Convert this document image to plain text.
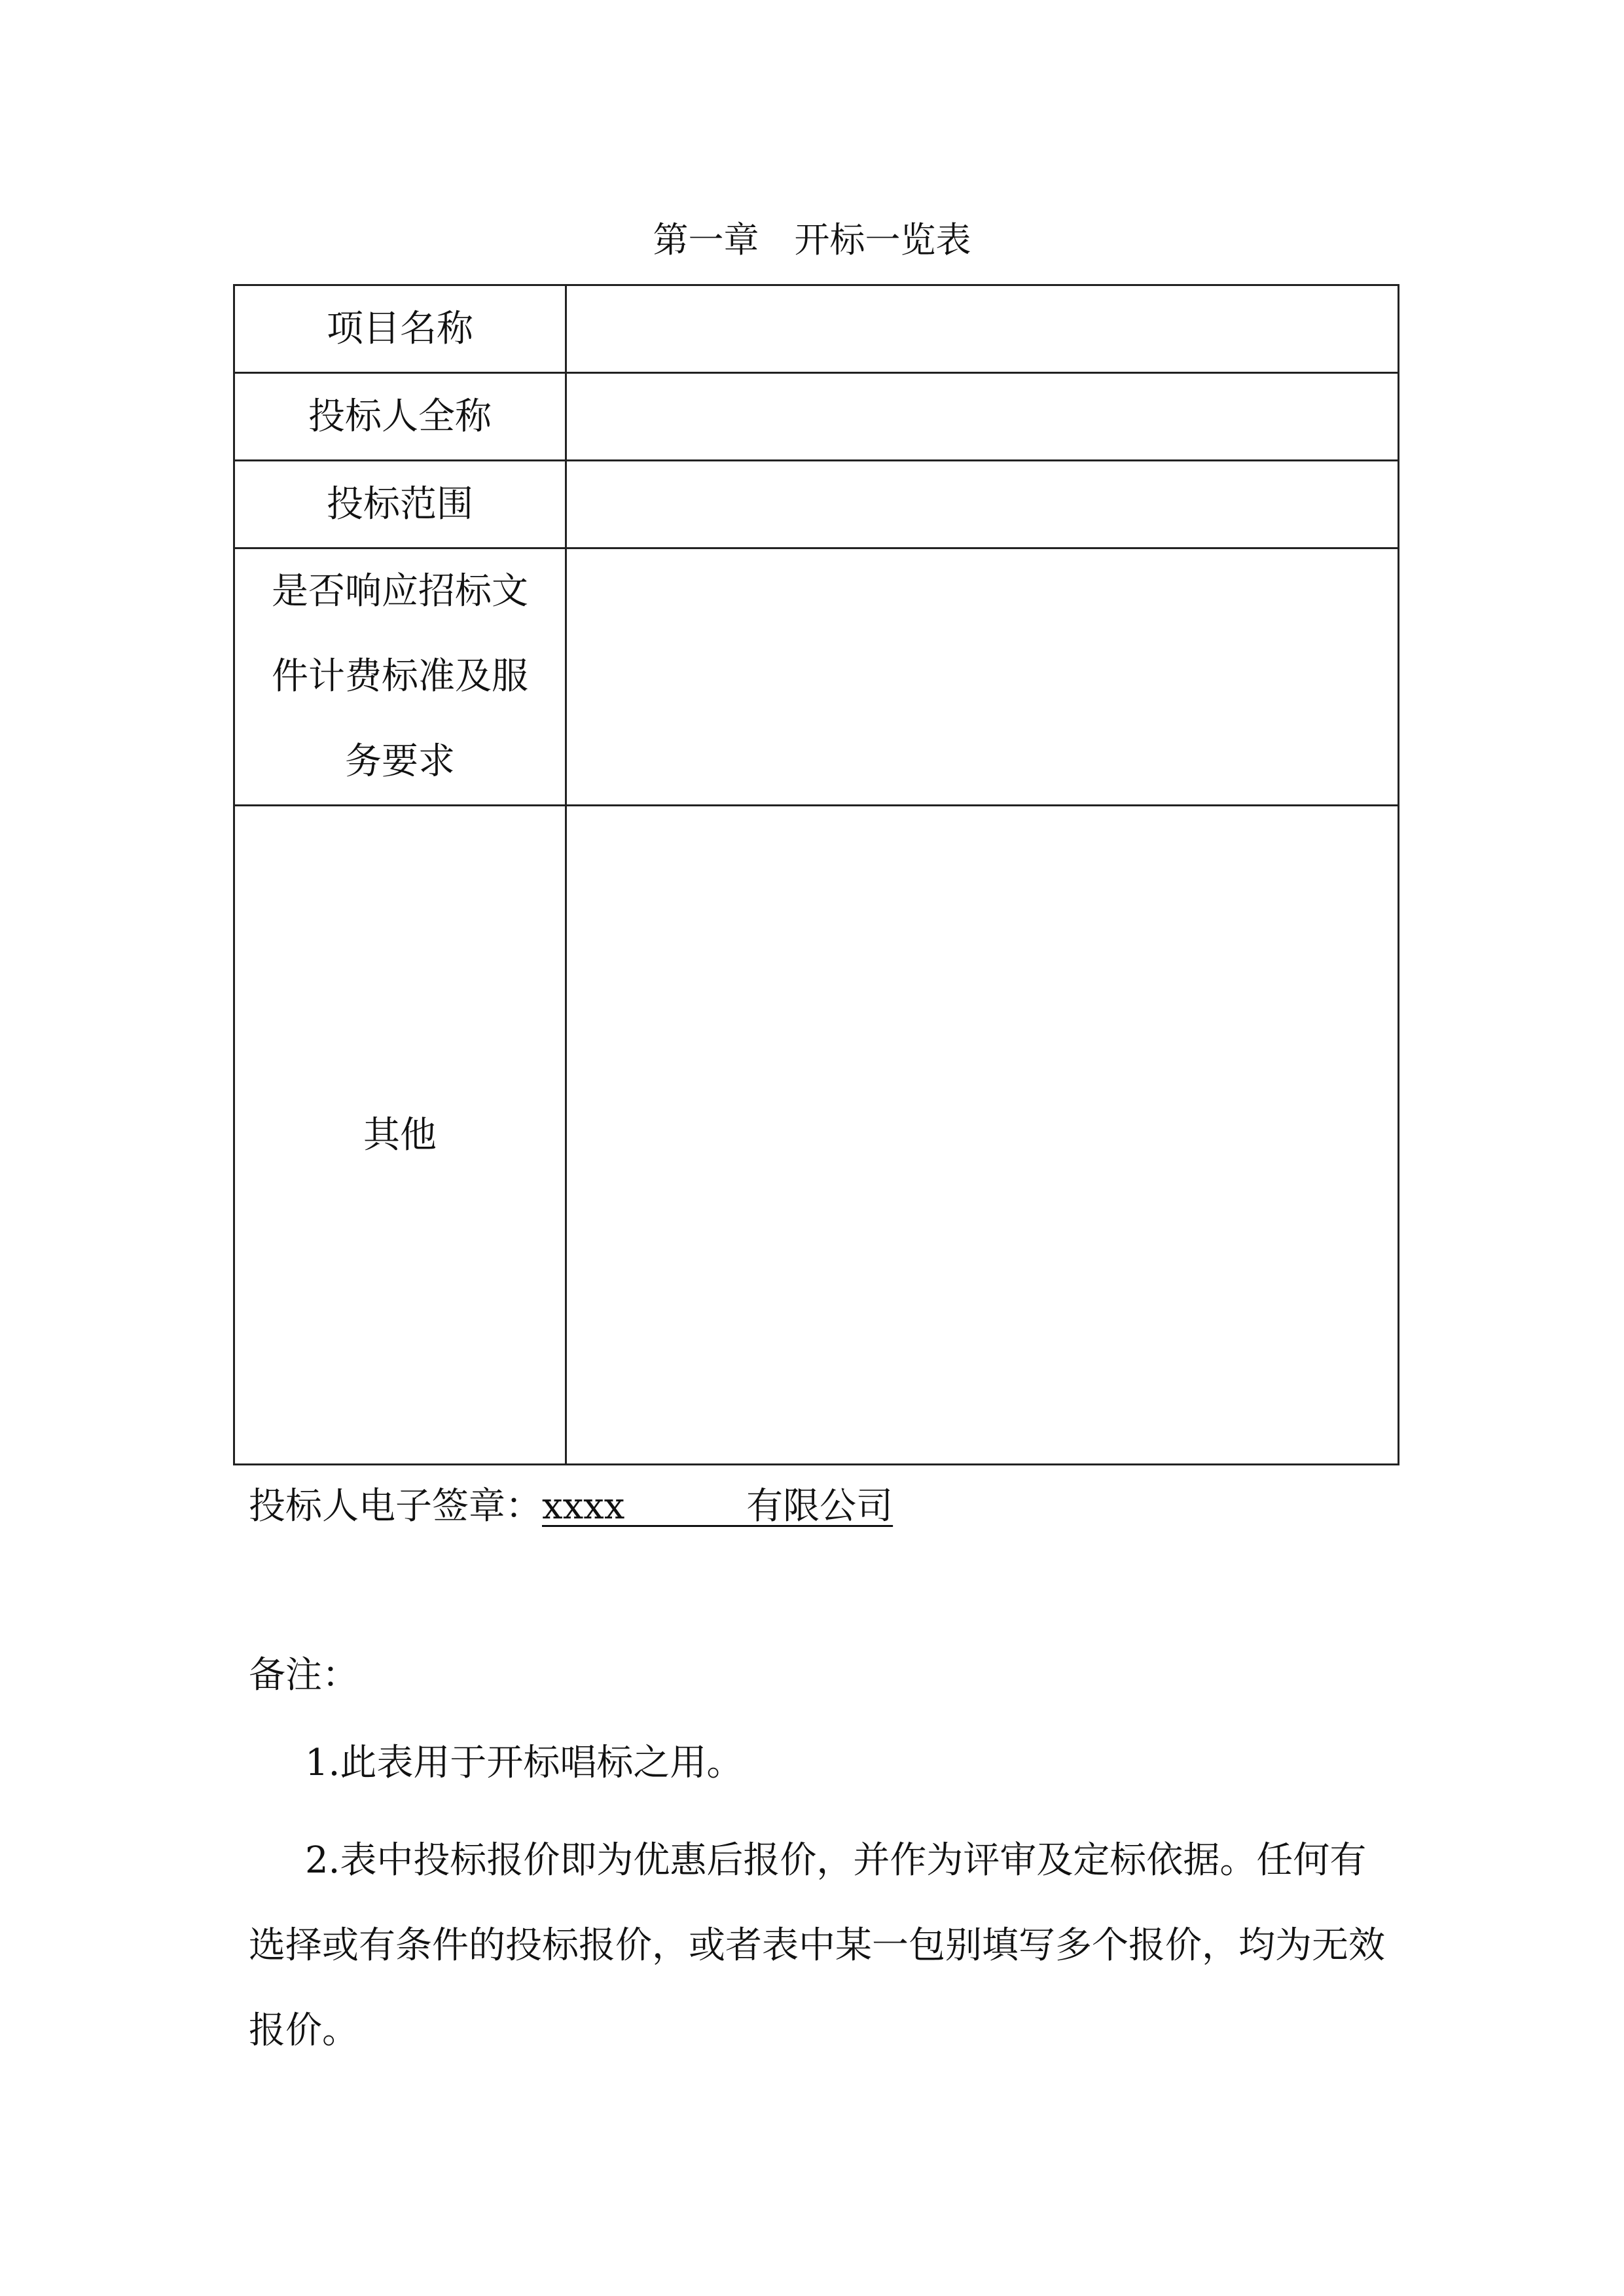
第一章　开标一览表
项目名称	
投标人全称	
投标范围	

是否响应招标文件计费标准及服务要求	

其他	
投标人电子签章：xxxx　　　 有限公司
备注：
1.此表用于开标唱标之用。
2.表中投标报价即为优惠后报价，并作为评审及定标依据。任何有选择或有条件的投标报价，或者表中某一包别填写多个报价，均为无效报价。
